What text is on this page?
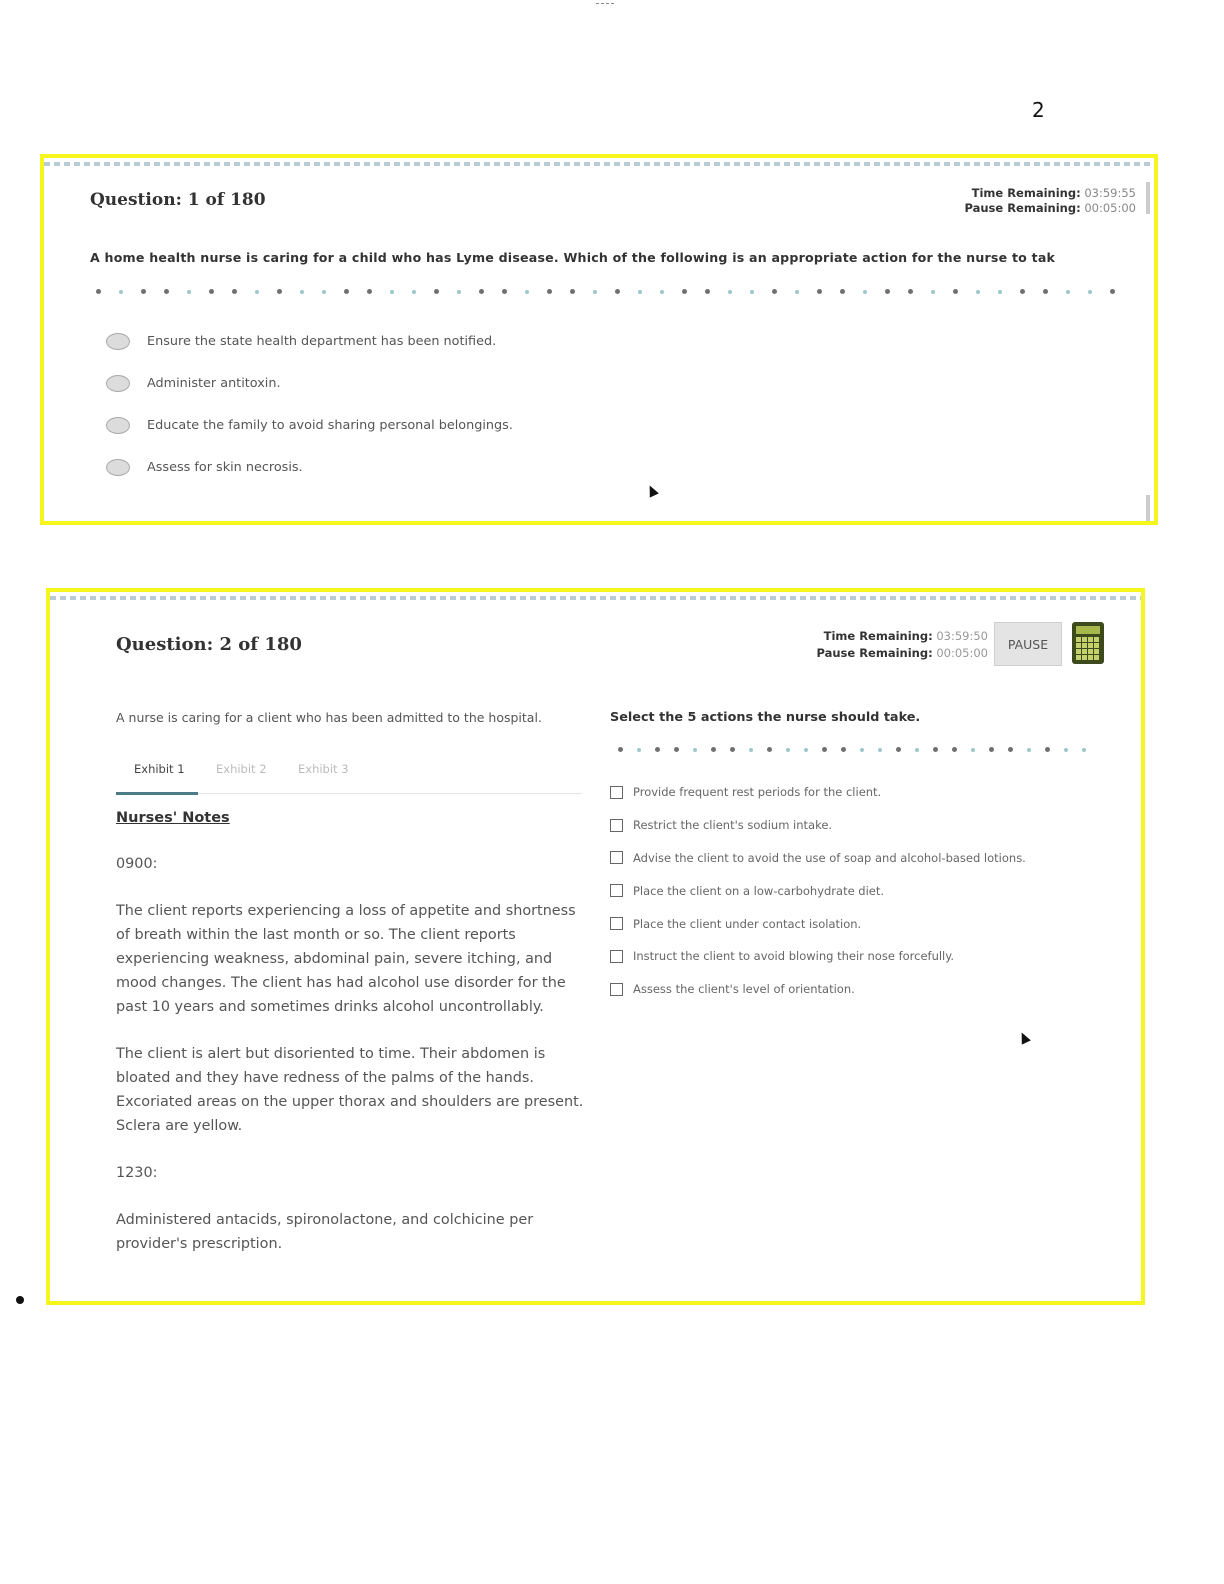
2
Question: 1 of 180	Time Remaining: 03:59:55
Pause Remaining: 00:05:00
A home health nurse is caring for a child who has Lyme disease. Which of the following is an appropriate action for the nurse to tak
Ensure the state health department has been notified.
Administer antitoxin.
Educate the family to avoid sharing personal belongings.
Assess for skin necrosis.
Question: 2 of 180	Time Remaining: 03:59:50
Pause Remaining: 00:05:00
PAUSE
A nurse is caring for a client who has been admitted to the hospital.
Exhibit 1	Exhibit 2	Exhibit 3
Nurses' Notes

0900:

The client reports experiencing a loss of appetite and shortness of breath within the last month or so. The client reports experiencing weakness, abdominal pain, severe itching, and mood changes. The client has had alcohol use disorder for the past 10 years and sometimes drinks alcohol uncontrollably.

The client is alert but disoriented to time. Their abdomen is bloated and they have redness of the palms of the hands. Excoriated areas on the upper thorax and shoulders are present. Sclera are yellow.

1230:

Administered antacids, spironolactone, and colchicine per provider's prescription.

Select the 5 actions the nurse should take.
Provide frequent rest periods for the client.
Restrict the client's sodium intake.
Advise the client to avoid the use of soap and alcohol-based lotions.
Place the client on a low-carbohydrate diet.
Place the client under contact isolation.
Instruct the client to avoid blowing their nose forcefully.
Assess the client's level of orientation.
